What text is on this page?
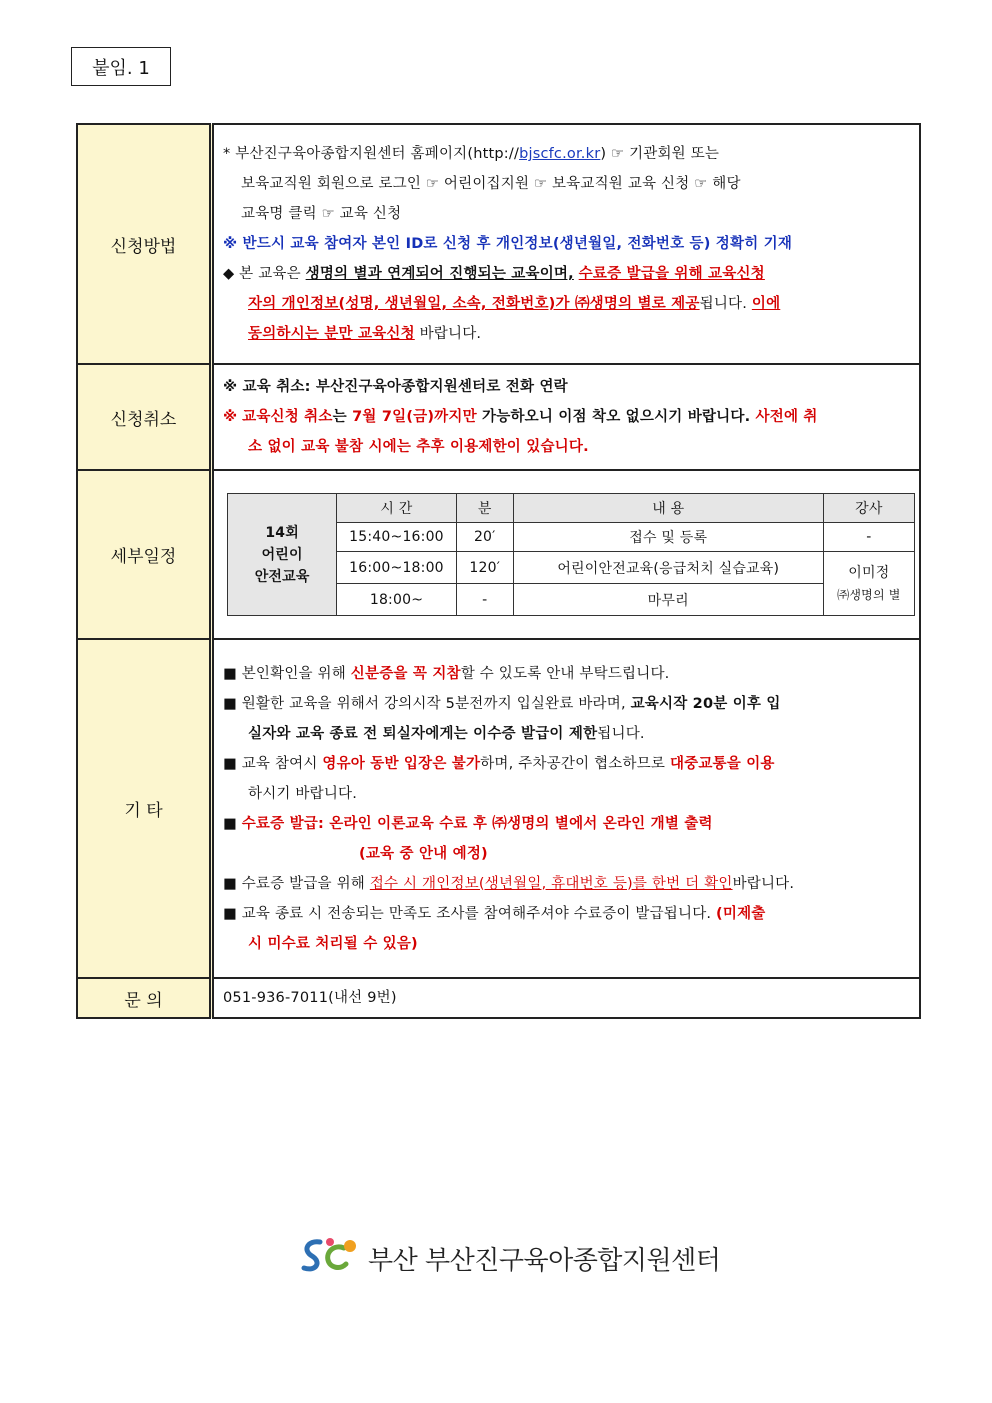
붙임. 1
신청방법	
* 부산진구육아종합지원센터 홈페이지(http://bjscfc.or.kr) ☞ 기관회원 또는
보육교직원 회원으로 로그인 ☞ 어린이집지원 ☞ 보육교직원 교육 신청 ☞ 해당
교육명 클릭 ☞ 교육 신청
※ 반드시 교육 참여자 본인 ID로 신청 후 개인정보(생년월일, 전화번호 등) 정확히 기재
◆ 본 교육은 생명의 별과 연계되어 진행되는 교육이며, 수료증 발급을 위해 교육신청
자의 개인정보(성명, 생년월일, 소속, 전화번호)가 ㈜생명의 별로 제공됩니다. 이에
동의하시는 분만 교육신청 바랍니다.

신청취소	
※ 교육 취소: 부산진구육아종합지원센터로 전화 연락
※ 교육신청 취소는 7월 7일(금)까지만 가능하오니 이점 착오 없으시기 바랍니다. 사전에 취
소 없이 교육 불참 시에는 추후 이용제한이 있습니다.

세부일정	
14회
어린이
안전교육
	시 간	분	내 용	강사
15:40~16:00	20′	접수 및 등록	-
16:00~18:00	120′	어린이안전교육(응급처치 실습교육)	이미정
㈜생명의 별
18:00~	-	마무리

기 타	
■ 본인확인을 위해 신분증을 꼭 지참할 수 있도록 안내 부탁드립니다.
■ 원활한 교육을 위해서 강의시작 5분전까지 입실완료 바라며, 교육시작 20분 이후 입
실자와 교육 종료 전 퇴실자에게는 이수증 발급이 제한됩니다.
■ 교육 참여시 영유아 동반 입장은 불가하며, 주차공간이 협소하므로 대중교통을 이용
하시기 바랍니다.
■ 수료증 발급: 온라인 이론교육 수료 후 ㈜생명의 별에서 온라인 개별 출력
(교육 중 안내 예정)
■ 수료증 발급을 위해 접수 시 개인정보(생년월일, 휴대번호 등)를 한번 더 확인바랍니다.
■ 교육 종료 시 전송되는 만족도 조사를 참여해주셔야 수료증이 발급됩니다. (미제출
시 미수료 처리될 수 있음)

문 의	051-936-7011(내선 9번)
부산 부산진구육아종합지원센터
